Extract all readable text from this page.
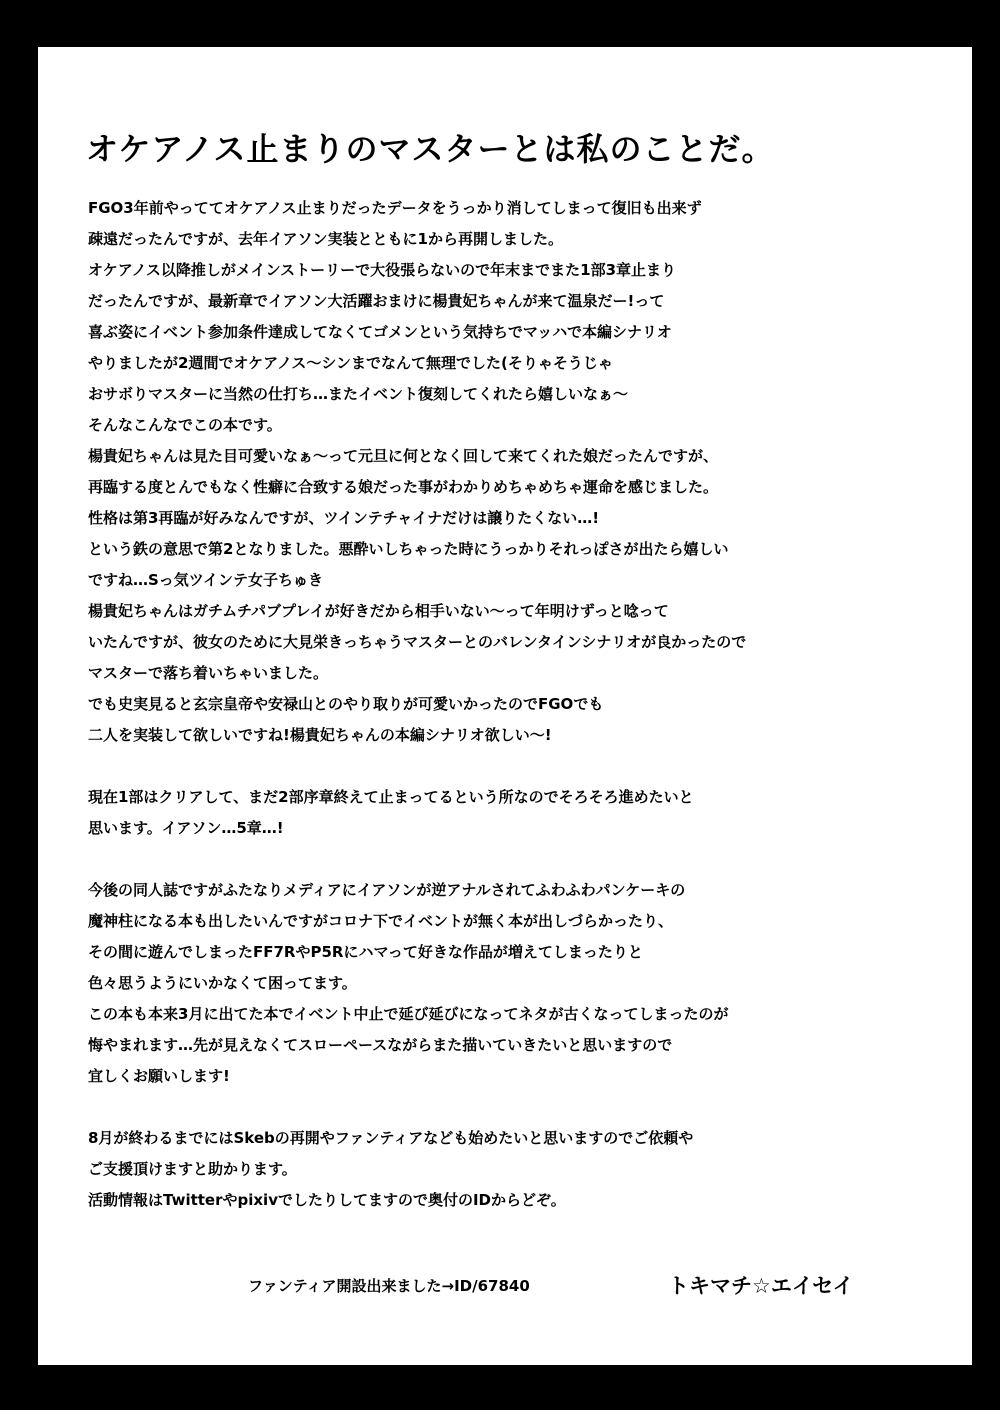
オケアノス止まりのマスターとは私のことだ。

FGO3年前やっててオケアノス止まりだったデータをうっかり消してしまって復旧も出来ず

疎遠だったんですが、去年イアソン実装とともに1から再開しました。

オケアノス以降推しがメインストーリーで大役張らないので年末までまた1部3章止まり

だったんですが、最新章でイアソン大活躍おまけに楊貴妃ちゃんが来て温泉だー!って

喜ぶ姿にイベント参加条件達成してなくてゴメンという気持ちでマッハで本編シナリオ

やりましたが2週間でオケアノス～シンまでなんて無理でした(そりゃそうじゃ

おサボりマスターに当然の仕打ち…またイベント復刻してくれたら嬉しいなぁ～

そんなこんなでこの本です。

楊貴妃ちゃんは見た目可愛いなぁ～って元旦に何となく回して来てくれた娘だったんですが、

再臨する度とんでもなく性癖に合致する娘だった事がわかりめちゃめちゃ運命を感じました。

性格は第3再臨が好みなんですが、ツインテチャイナだけは譲りたくない…!

という鉄の意思で第2となりました。悪酔いしちゃった時にうっかりそれっぽさが出たら嬉しい

ですね…Sっ気ツインテ女子ちゅき

楊貴妃ちゃんはガチムチパブプレイが好きだから相手いない～って年明けずっと唸って

いたんですが、彼女のために大見栄きっちゃうマスターとのバレンタインシナリオが良かったので

マスターで落ち着いちゃいました。

でも史実見ると玄宗皇帝や安禄山とのやり取りが可愛いかったのでFGOでも

二人を実装して欲しいですね!楊貴妃ちゃんの本編シナリオ欲しい～!

現在1部はクリアして、まだ2部序章終えて止まってるという所なのでそろそろ進めたいと

思います。イアソン…5章…!

今後の同人誌ですがふたなりメディアにイアソンが逆アナルされてふわふわパンケーキの

魔神柱になる本も出したいんですがコロナ下でイベントが無く本が出しづらかったり、

その間に遊んでしまったFF7RやP5Rにハマって好きな作品が増えてしまったりと

色々思うようにいかなくて困ってます。

この本も本来3月に出てた本でイベント中止で延び延びになってネタが古くなってしまったのが

悔やまれます…先が見えなくてスローペースながらまた描いていきたいと思いますので

宜しくお願いします!

8月が終わるまでにはSkebの再開やファンティアなども始めたいと思いますのでご依頼や

ご支援頂けますと助かります。

活動情報はTwitterやpixivでしたりしてますので奥付のIDからどぞ。

ファンティア開設出来ました→ID/67840	トキマチ☆エイセイ
